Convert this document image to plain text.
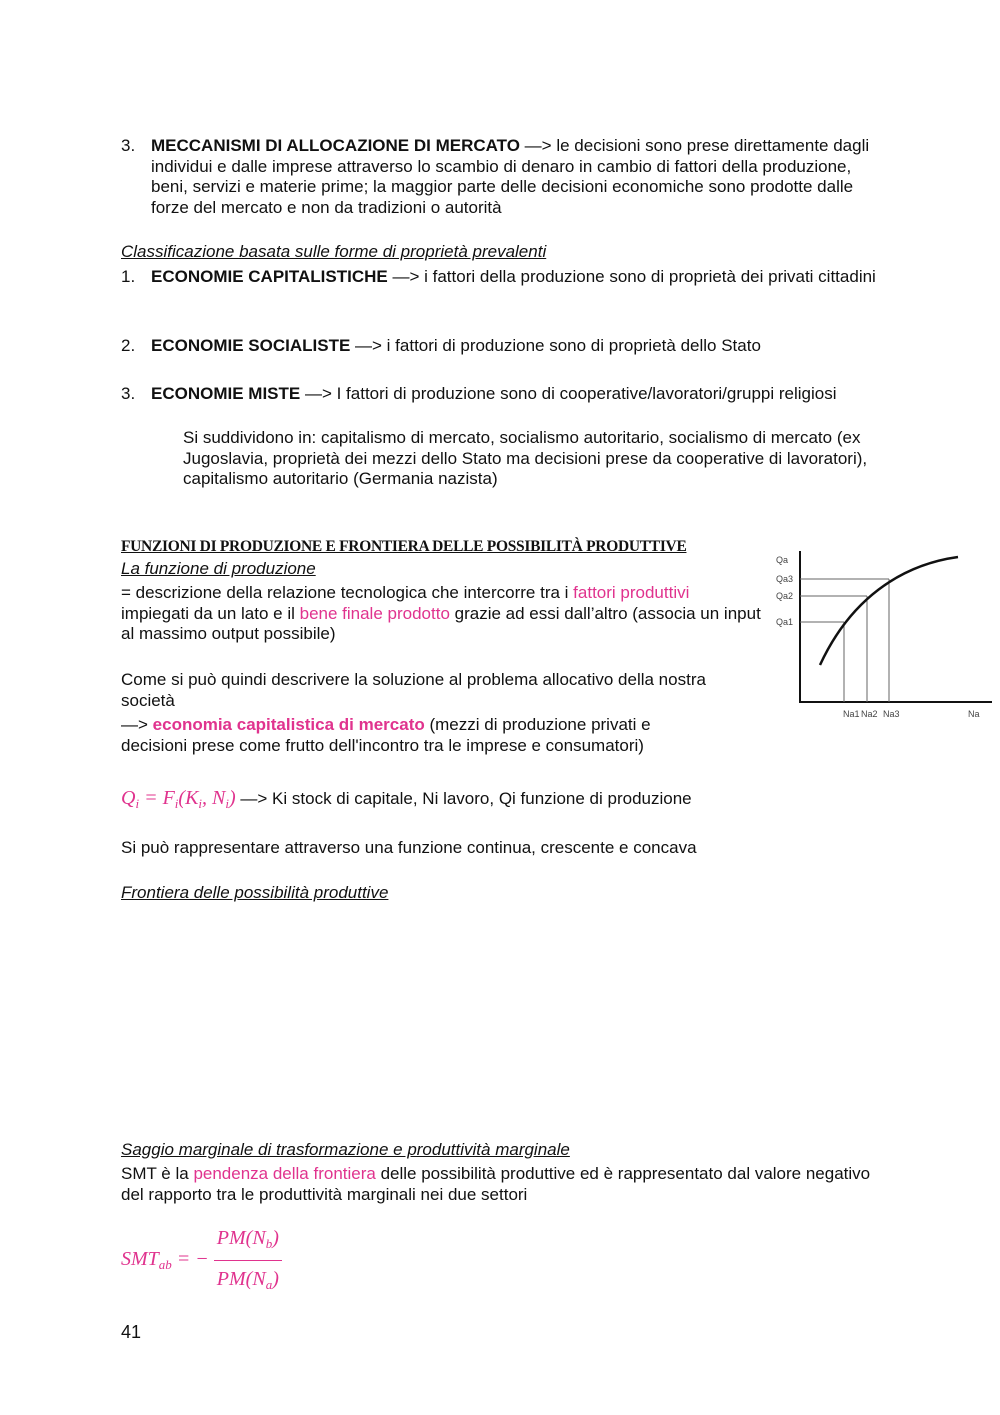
3. MECCANISMI DI ALLOCAZIONE DI MERCATO —> le decisioni sono prese direttamente dagli individui e dalle imprese attraverso lo scambio di denaro in cambio di fattori della produzione, beni, servizi e materie prime; la maggior parte delle decisioni economiche sono prodotte dalle forze del mercato e non da tradizioni o autorità
Classificazione basata sulle forme di proprietà prevalenti
1. ECONOMIE CAPITALISTICHE —> i fattori della produzione sono di proprietà dei privati cittadini
2. ECONOMIE SOCIALISTE —> i fattori di produzione sono di proprietà dello Stato
3. ECONOMIE MISTE —> I fattori di produzione sono di cooperative/lavoratori/gruppi religiosi
Si suddividono in: capitalismo di mercato, socialismo autoritario, socialismo di mercato (ex Jugoslavia, proprietà dei mezzi dello Stato ma decisioni prese da cooperative di lavoratori), capitalismo autoritario (Germania nazista)
FUNZIONI DI PRODUZIONE E FRONTIERA DELLE POSSIBILITÀ PRODUTTIVE
La funzione di produzione
= descrizione della relazione tecnologica che intercorre tra i fattori produttivi impiegati da un lato e il bene finale prodotto grazie ad essi dall’altro (associa un input al massimo output possibile)
Come si può quindi descrivere la soluzione al problema allocativo della nostra società
—> economia capitalistica di mercato (mezzi di produzione privati e decisioni prese come frutto dell'incontro tra le imprese e consumatori)
$Q_i = F_i(K_i$, $N_i$) —> Ki stock di capitale, Ni lavoro, Qi funzione di produzione
Si può rappresentare attraverso una funzione continua, crescente e concava
Frontiera delle possibilità produttive
Qa
Qa3
Qa2
Qa1
Na1 Na2 Na3	Na
Saggio marginale di trasformazione e produttività marginale
SMT è la pendenza della frontiera delle possibilità produttive ed è rappresentato dal valore negativo del rapporto tra le produttività marginali nei due settori
$SMT_{ab}$ = − $\frac{PM(N_b)}{PM(N_a)}$
41
